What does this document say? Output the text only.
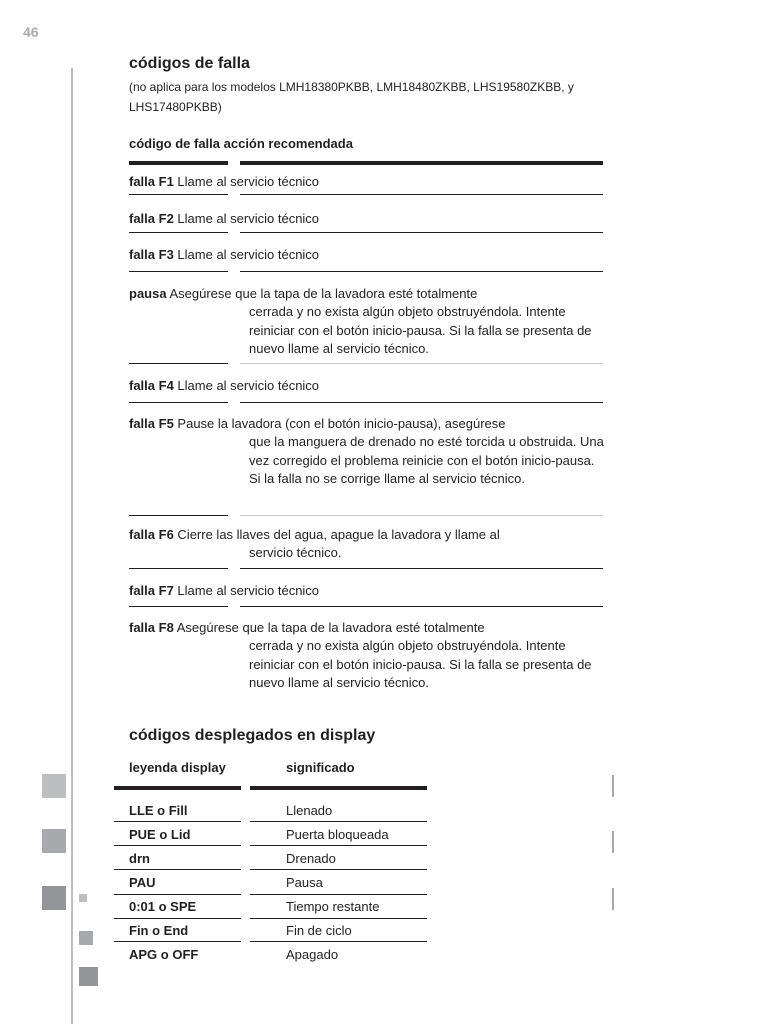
46
códigos de falla
(no aplica para los modelos LMH18380PKBB, LMH18480ZKBB, LHS19580ZKBB, y LHS17480PKBB)
código de falla acción recomendada
falla F1 Llame al servicio técnico
falla F2 Llame al servicio técnico
falla F3 Llame al servicio técnico
pausa Asegúrese que la tapa de la lavadora esté totalmente
cerrada y no exista algún objeto obstruyéndola. Intente reiniciar con el botón inicio-pausa. Si la falla se presenta de nuevo llame al servicio técnico.
falla F4 Llame al servicio técnico
falla F5 Pause la lavadora (con el botón inicio-pausa), asegúrese
que la manguera de drenado no esté torcida u obstruida. Una vez corregido el problema reinicie con el botón inicio-pausa. Si la falla no se corrige llame al servicio técnico.
falla F6 Cierre las llaves del agua, apague la lavadora y llame al
servicio técnico.
falla F7 Llame al servicio técnico
falla F8 Asegúrese que la tapa de la lavadora esté totalmente
cerrada y no exista algún objeto obstruyéndola. Intente reiniciar con el botón inicio-pausa. Si la falla se presenta de nuevo llame al servicio técnico.
códigos desplegados en display
leyenda display	significado
LLE o Fill	Llenado
PUE o Lid	Puerta bloqueada
drn	Drenado
PAU	Pausa
0:01 o SPE	Tiempo restante
Fin o End	Fin de ciclo
APG o OFF	Apagado
